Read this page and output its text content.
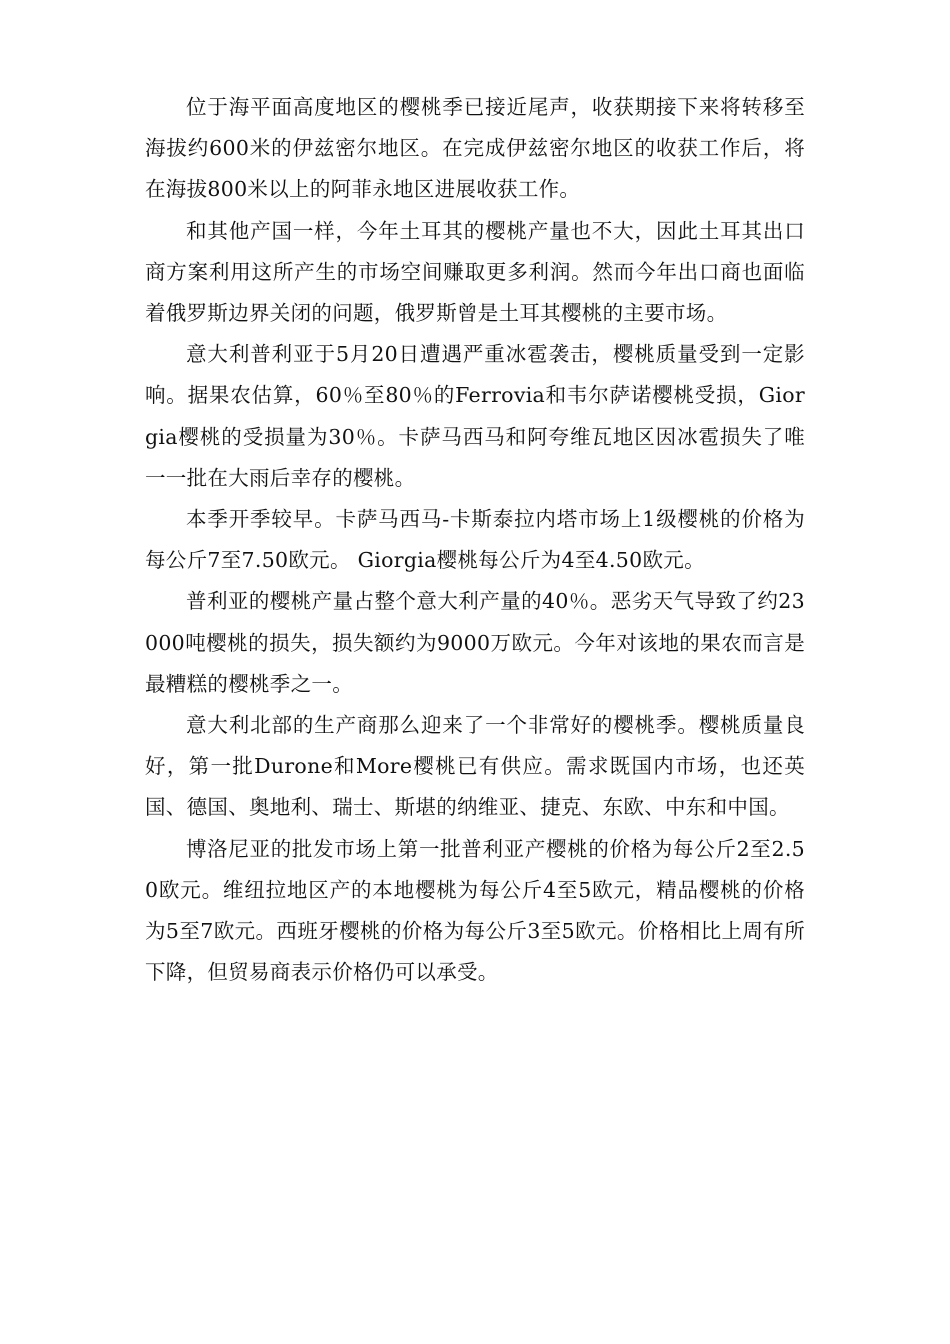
位于海平面高度地区的樱桃季已接近尾声，收获期接下来将转移至海拔约600米的伊兹密尔地区。在完成伊兹密尔地区的收获工作后，将在海拔800米以上的阿菲永地区进展收获工作。

和其他产国一样，今年土耳其的樱桃产量也不大，因此土耳其出口商方案利用这所产生的市场空间赚取更多利润。然而今年出口商也面临着俄罗斯边界关闭的问题，俄罗斯曾是土耳其樱桃的主要市场。

意大利普利亚于5月20日遭遇严重冰雹袭击，樱桃质量受到一定影响。据果农估算，60％至80％的Ferrovia和韦尔萨诺樱桃受损，Giorgia樱桃的受损量为30％。卡萨马西马和阿夸维瓦地区因冰雹损失了唯一一批在大雨后幸存的樱桃。

本季开季较早。卡萨马西马-卡斯泰拉内塔市场上1级樱桃的价格为每公斤7至7.50欧元。 Giorgia樱桃每公斤为4至4.50欧元。

普利亚的樱桃产量占整个意大利产量的40％。恶劣天气导致了约23000吨樱桃的损失，损失额约为9000万欧元。今年对该地的果农而言是最糟糕的樱桃季之一。

意大利北部的生产商那么迎来了一个非常好的樱桃季。樱桃质量良好，第一批Durone和More樱桃已有供应。需求既国内市场，也还英国、德国、奥地利、瑞士、斯堪的纳维亚、捷克、东欧、中东和中国。

博洛尼亚的批发市场上第一批普利亚产樱桃的价格为每公斤2至2.50欧元。维纽拉地区产的本地樱桃为每公斤4至5欧元，精品樱桃的价格为5至7欧元。西班牙樱桃的价格为每公斤3至5欧元。价格相比上周有所下降，但贸易商表示价格仍可以承受。
